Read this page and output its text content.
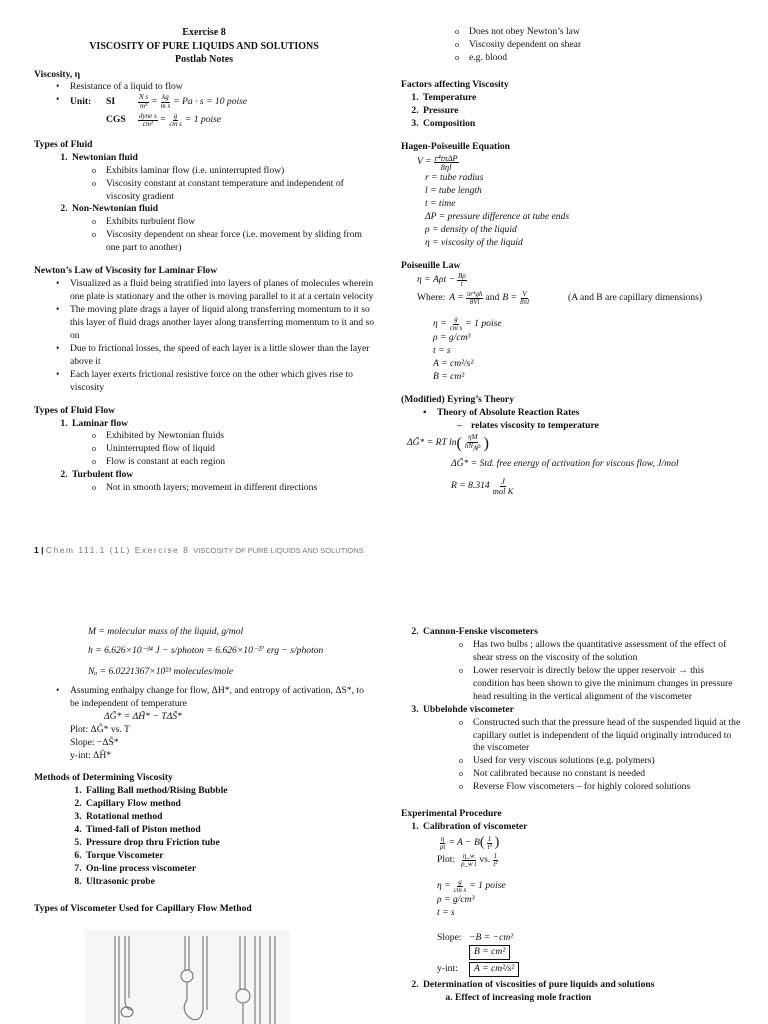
Exercise 8
VISCOSITY OF PURE LIQUIDS AND SOLUTIONS
Postlab Notes
Viscosity, η
• Resistance of a liquid to flow
• Unit:	SI	$\frac{\text{N s}}{\text{m²}} = \frac{kg}{\text{m s}} = Pa \cdot s = 10$ poise
CGS	$\frac{\text{dyne s}}{\text{cm²}} = \frac{g}{\text{cm s}} = 1$ poise
Types of Fluid
1. Newtonian fluid
o Exhibits laminar flow (i.e. uninterrupted flow)
o Viscosity constant at constant temperature and independent of viscosity gradient
2. Non-Newtonian fluid
o Exhibits turbulent flow
o Viscosity dependent on shear force (i.e. movement by sliding from one part to another)
Newton’s Law of Viscosity for Laminar Flow
• Visualized as a fluid being stratified into layers of planes of molecules wherein one plate is stationary and the other is moving parallel to it at a certain velocity
• The moving plate drags a layer of liquid along transferring momentum to it so this layer of fluid drags another layer along transferring momentum to it and so on
• Due to frictional losses, the speed of each layer is a little slower than the layer above it
• Each layer exerts frictional resistive force on the other which gives rise to viscosity
Types of Fluid Flow
1. Laminar flow
o Exhibited by Newtonian fluids
o Uninterrupted flow of liquid
o Flow is constant at each region
2. Turbulent flow
o Not in smooth layers; movement in different directions
o Does not obey Newton’s law
o Viscosity dependent on shear
o e.g. blood
Factors affecting Viscosity
1. Temperature
2. Pressure
3. Composition
Hagen-Poiseuille Equation
$V = \frac{\text{r⁴tπΔP}}{8\eta l}$
r = tube radius
l = tube length
t = time
ΔP = pressure difference at tube ends
ρ = density of the liquid
η = viscosity of the liquid
Poiseuille Law
$\eta = A\rho t - \frac{B\rho}{t}$
Where: $A = \frac{\text{πr⁴gh}}{8Vl}$ and $B = \frac{V}{8\pi l}$	(A and B are capillary dimensions)
$\eta = \frac{g}{\text{cm s}} = 1$ poise
ρ = g/cm³
t = s
A = cm²/s²
B = cm²
(Modified) Eyring’s Theory
• Theory of Absolute Reaction Rates
– relates viscosity to temperature
ΔG̃* = RT ln ( $\frac{\eta M}{\text{hNAρ}}$ )
ΔG̃* = Std. free energy of activation for viscous flow, J/mol
$R = 8.314 \frac{J}{\text{mol K}}$
1 | Chem 111.1 (1L) Exercise 8 VISCOSITY OF PURE LIQUIDS AND SOLUTIONS
M = molecular mass of the liquid, g/mol
h = 6.626×10⁻³⁴ J − s/photon = 6.626×10⁻²⁷ erg − s/photon
Nₐ = 6.0221367×10²³ molecules/mole
• Assuming enthalpy change for flow, ΔH*, and entropy of activation, ΔS*, to be independent of temperature
ΔG̃* = ΔH̃* − TΔS̃*
Plot: ΔG̃* vs. T
Slope: −ΔS̃*
y-int: ΔH̃*
Methods of Determining Viscosity
1. Falling Ball method/Rising Bubble
2. Capillary Flow method
3. Rotational method
4. Timed-fall of Piston method
5. Pressure drop thru Friction tube
6. Torque Viscometer
7. On-line process viscometer
8. Ultrasonic probe
Types of Viscometer Used for Capillary Flow Method
2. Cannon-Fenske viscometers
o Has two bulbs ; allows the quantitative assessment of the effect of shear stress on the viscosity of the solution
o Lower reservoir is directly below the upper reservoir → this condition has been shown to give the minimum changes in pressure head resulting in the vertical alignment of the viscometer
3. Ubbelohde viscometer
o Constructed such that the pressure head of the suspended liquid at the capillary outlet is independent of the liquid originally introduced to the viscometer
o Used for very viscous solutions (e.g. polymers)
o Not calibrated because no constant is needed
o Reverse Flow viscometers – for highly colored solutions
Experimental Procedure
1. Calibration of viscometer
$\frac{\eta}{\rho t} = A - B$ ( $\frac{1}{\text{t²}}$ )
Plot: $\frac{\eta\_w}{\text{ρ\_w t}}$ vs. $\frac{1}{\text{t²}}$
$\eta = \frac{g}{\text{cm s}} = 1$ poise
ρ = g/cm³
t = s
Slope: −B = −cm²
B = cm²
y-int:	A = cm²/s²
2. Determination of viscosities of pure liquids and solutions
a. Effect of increasing mole fraction
